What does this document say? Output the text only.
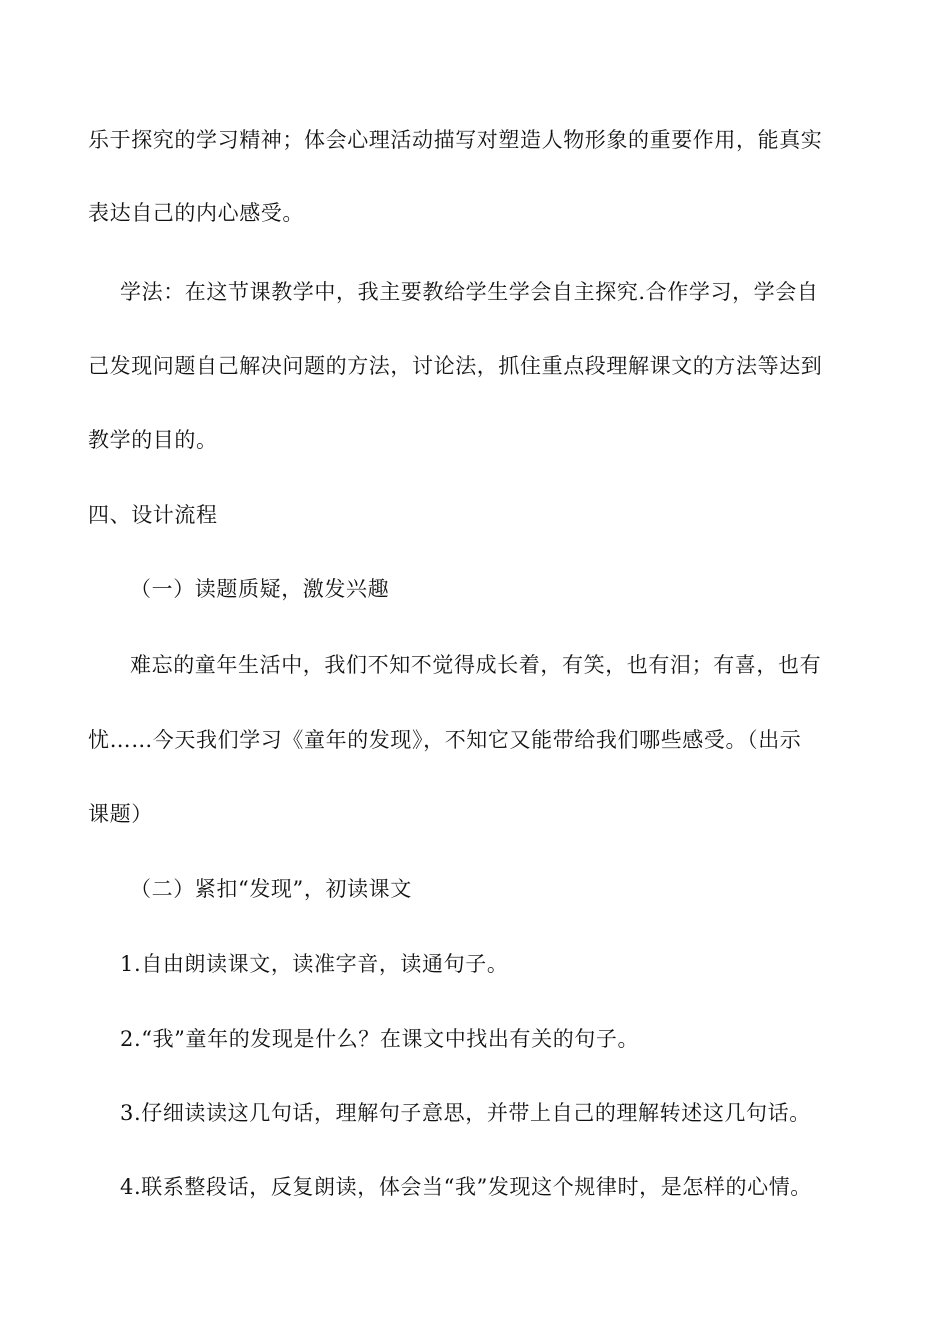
乐于探究的学习精神；体会心理活动描写对塑造人物形象的重要作用，能真实
表达自己的内心感受。
学法：在这节课教学中，我主要教给学生学会自主探究.合作学习，学会自
己发现问题自己解决问题的方法，讨论法，抓住重点段理解课文的方法等达到
教学的目的。
四、设计流程
（一）读题质疑，激发兴趣
难忘的童年生活中，我们不知不觉得成长着，有笑，也有泪；有喜，也有
忧……今天我们学习《童年的发现》，不知它又能带给我们哪些感受。（出示
课题）
（二）紧扣“发现”，初读课文
1.自由朗读课文，读准字音，读通句子。
2.“我”童年的发现是什么？在课文中找出有关的句子。
3.仔细读读这几句话，理解句子意思，并带上自己的理解转述这几句话。
4.联系整段话，反复朗读，体会当“我”发现这个规律时，是怎样的心情。
